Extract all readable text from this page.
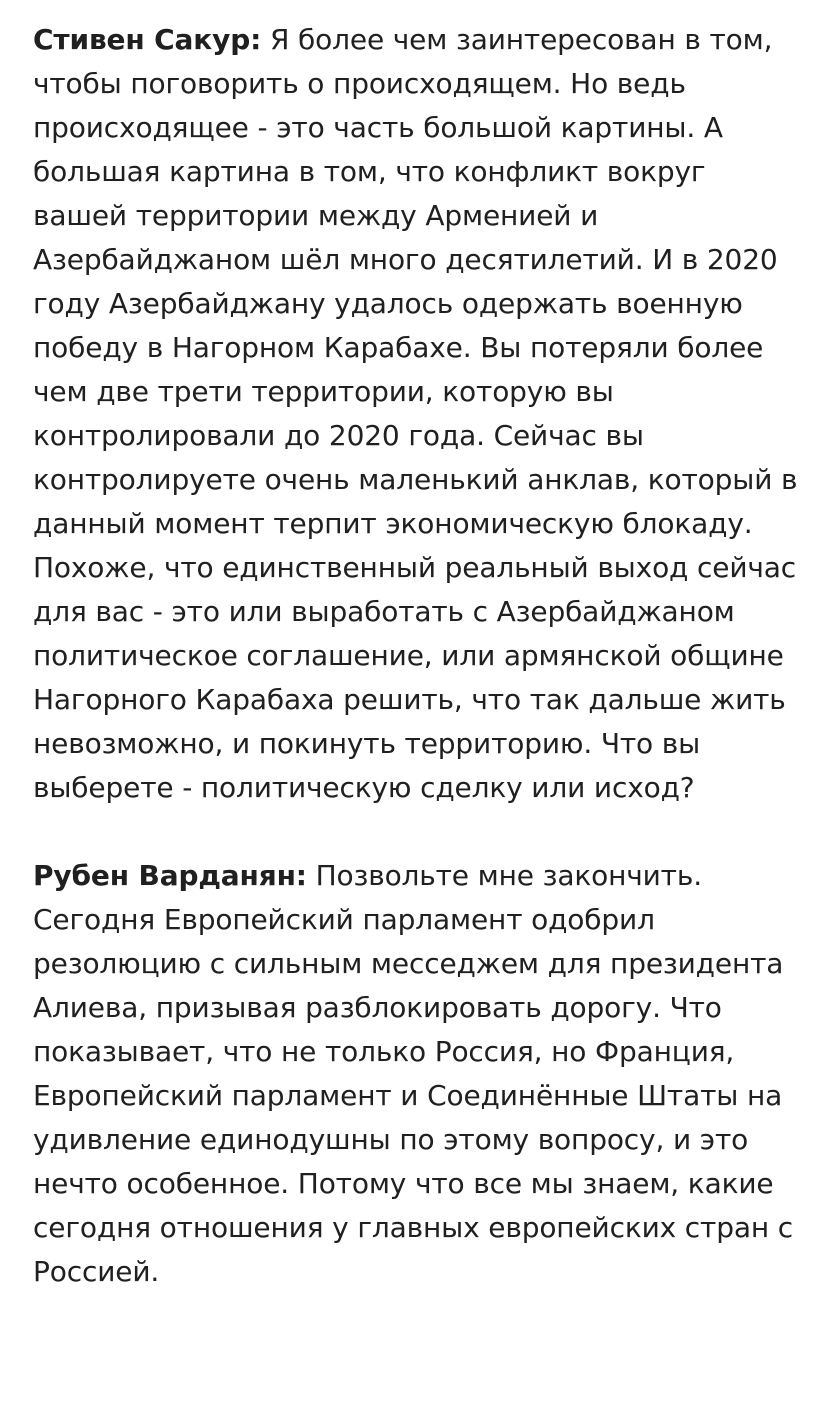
Стивен Сакур: Я более чем заинтересован в том, чтобы поговорить о происходящем. Но ведь происходящее - это часть большой картины. А большая картина в том, что конфликт вокруг вашей территории между Арменией и Азербайджаном шёл много десятилетий. И в 2020 году Азербайджану удалось одержать военную победу в Нагорном Карабахе. Вы потеряли более чем две трети территории, которую вы контролировали до 2020 года. Сейчас вы контролируете очень маленький анклав, который в данный момент терпит экономическую блокаду. Похоже, что единственный реальный выход сейчас для вас - это или выработать с Азербайджаном политическое соглашение, или армянской общине Нагорного Карабаха решить, что так дальше жить невозможно, и покинуть территорию. Что вы выберете - политическую сделку или исход?

Рубен Варданян: Позвольте мне закончить. Сегодня Европейский парламент одобрил резолюцию с сильным месседжем для президента Алиева, призывая разблокировать дорогу. Что показывает, что не только Россия, но Франция, Европейский парламент и Соединённые Штаты на удивление единодушны по этому вопросу, и это нечто особенное. Потому что все мы знаем, какие сегодня отношения у главных европейских стран с Россией.
